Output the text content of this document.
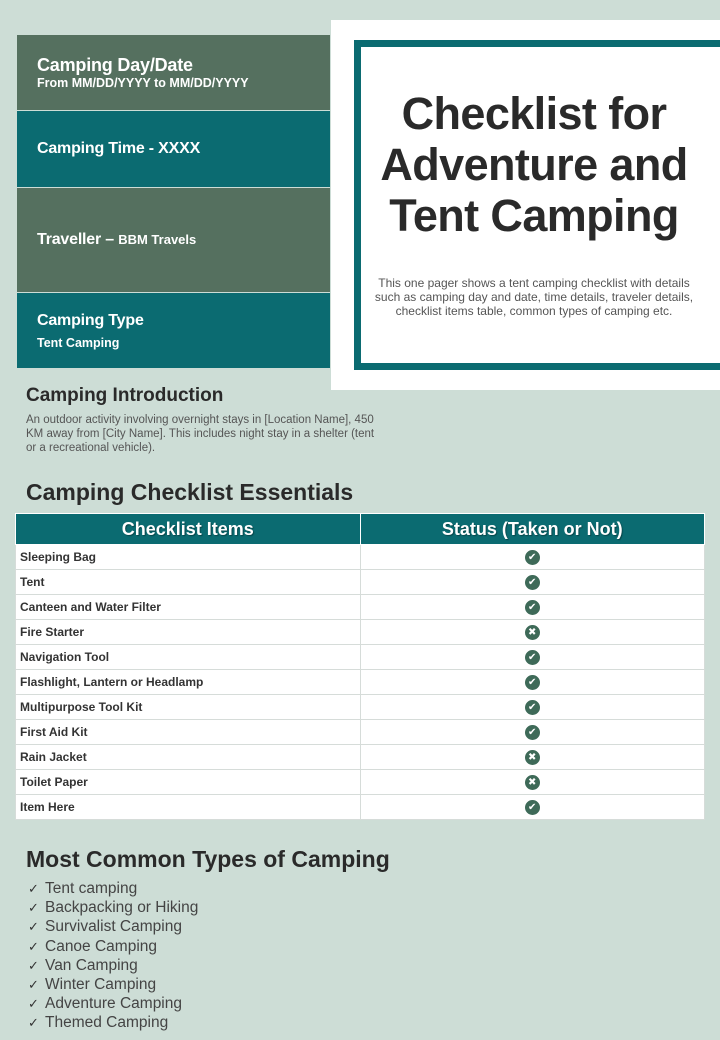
Camping Day/Date
From MM/DD/YYYY to MM/DD/YYYY
Camping Time - XXXX
Traveller – BBM Travels
Camping Type
Tent Camping
Checklist for Adventure and Tent Camping
This one pager shows a tent camping checklist with details such as camping day and date, time details, traveler details, checklist items table, common types of camping etc.
Camping Introduction
An outdoor activity involving overnight stays in [Location Name], 450 KM away from [City Name]. This includes night stay in a shelter (tent or a recreational vehicle).
Camping Checklist Essentials
Checklist Items	Status (Taken or Not)
Sleeping Bag	✔
Tent	✔
Canteen and Water Filter	✔
Fire Starter	✖
Navigation Tool	✔
Flashlight, Lantern or Headlamp	✔
Multipurpose Tool Kit	✔
First Aid Kit	✔
Rain Jacket	✖
Toilet Paper	✖
Item Here	✔
Most Common Types of Camping
✓ Tent camping
✓ Backpacking or Hiking
✓ Survivalist Camping
✓ Canoe Camping
✓ Van Camping
✓ Winter Camping
✓ Adventure Camping
✓ Themed Camping
